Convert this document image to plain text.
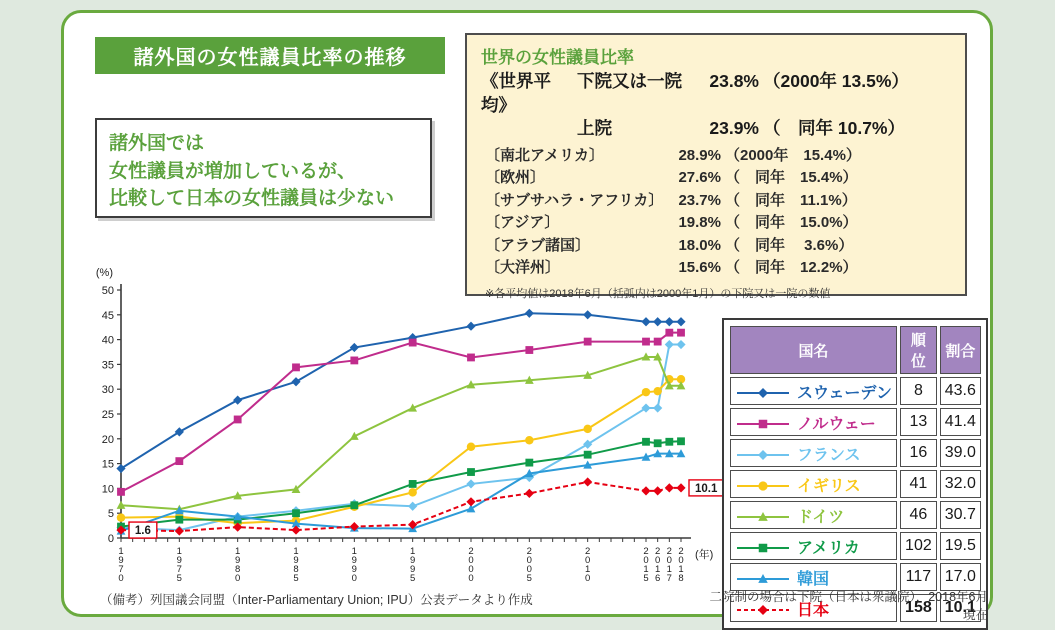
諸外国の女性議員比率の推移
諸外国では
女性議員が増加しているが、
比較して日本の女性議員は少ない
世界の女性議員比率
《世界平均》
下院又は一院	23.8% （2000年 13.5%）
上院	23.9% （　同年 10.7%）
〔南北アメリカ〕	28.9% （2000年　15.4%）
〔欧州〕	27.6% （　同年　15.4%）
〔サブサハラ・アフリカ〕	23.7% （　同年　11.1%）
〔アジア〕	19.8% （　同年　15.0%）
〔アラブ諸国〕	18.0% （　同年　 3.6%）
〔大洋州〕	15.6% （　同年　12.2%）
※各平均値は2018年6月（括弧内は2000年1月）の下院又は一院の数値
0
5
10
15
20
25
30
35
40
45
50
(%)
1 9 7 0
1 9 7 5
1 9 8 0
1 9 8 5
1 9 9 0
1 9 9 5
2 0 0 0
2 0 0 5
2 0 1 0
2 0 1 5
2 0 1 6
2 0 1 7
2 0 1 8
(年)
1.6
10.1
国名	順位	割合
スウェーデン	8	43.6
ノルウェー	13	41.4
フランス	16	39.0
イギリス	41	32.0
ドイツ	46	30.7
アメリカ	102	19.5
韓国	117	17.0
日本	158	10.1
（備考）列国議会同盟（Inter-Parliamentary Union; IPU）公表データより作成	二院制の場合は下院（日本は衆議院），2018年6月現在
